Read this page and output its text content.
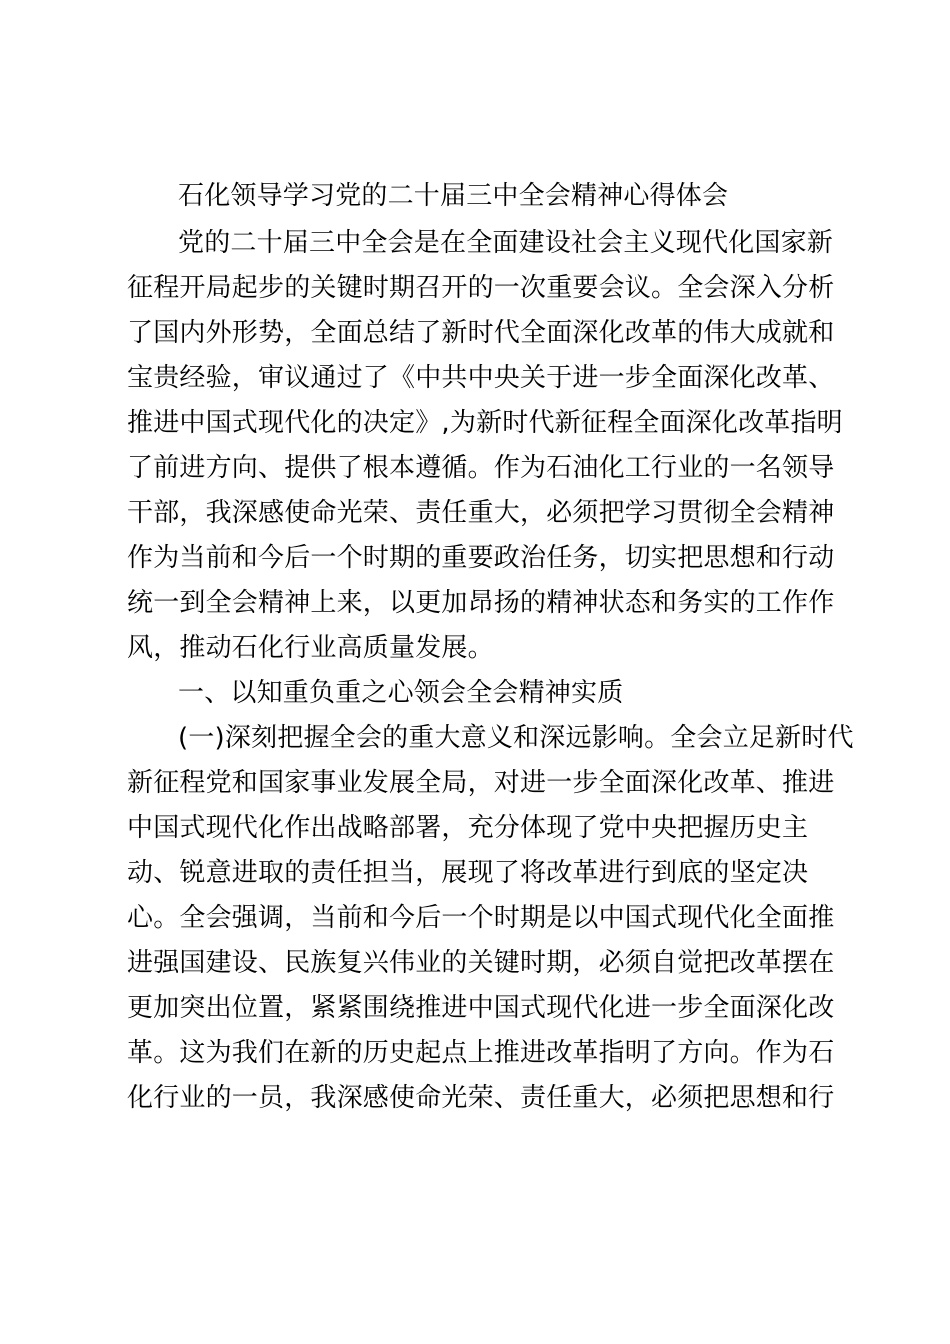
石化领导学习党的二十届三中全会精神心得体会
党的二十届三中全会是在全面建设社会主义现代化国家新
征程开局起步的关键时期召开的一次重要会议。全会深入分析
了国内外形势，全面总结了新时代全面深化改革的伟大成就和
宝贵经验，审议通过了《中共中央关于进一步全面深化改革、
推进中国式现代化的决定》,为新时代新征程全面深化改革指明
了前进方向、提供了根本遵循。作为石油化工行业的一名领导
干部，我深感使命光荣、责任重大，必须把学习贯彻全会精神
作为当前和今后一个时期的重要政治任务，切实把思想和行动
统一到全会精神上来，以更加昂扬的精神状态和务实的工作作
风，推动石化行业高质量发展。
一、以知重负重之心领会全会精神实质
(一)深刻把握全会的重大意义和深远影响。全会立足新时代
新征程党和国家事业发展全局，对进一步全面深化改革、推进
中国式现代化作出战略部署，充分体现了党中央把握历史主
动、锐意进取的责任担当，展现了将改革进行到底的坚定决
心。全会强调，当前和今后一个时期是以中国式现代化全面推
进强国建设、民族复兴伟业的关键时期，必须自觉把改革摆在
更加突出位置，紧紧围绕推进中国式现代化进一步全面深化改
革。这为我们在新的历史起点上推进改革指明了方向。作为石
化行业的一员，我深感使命光荣、责任重大，必须把思想和行
